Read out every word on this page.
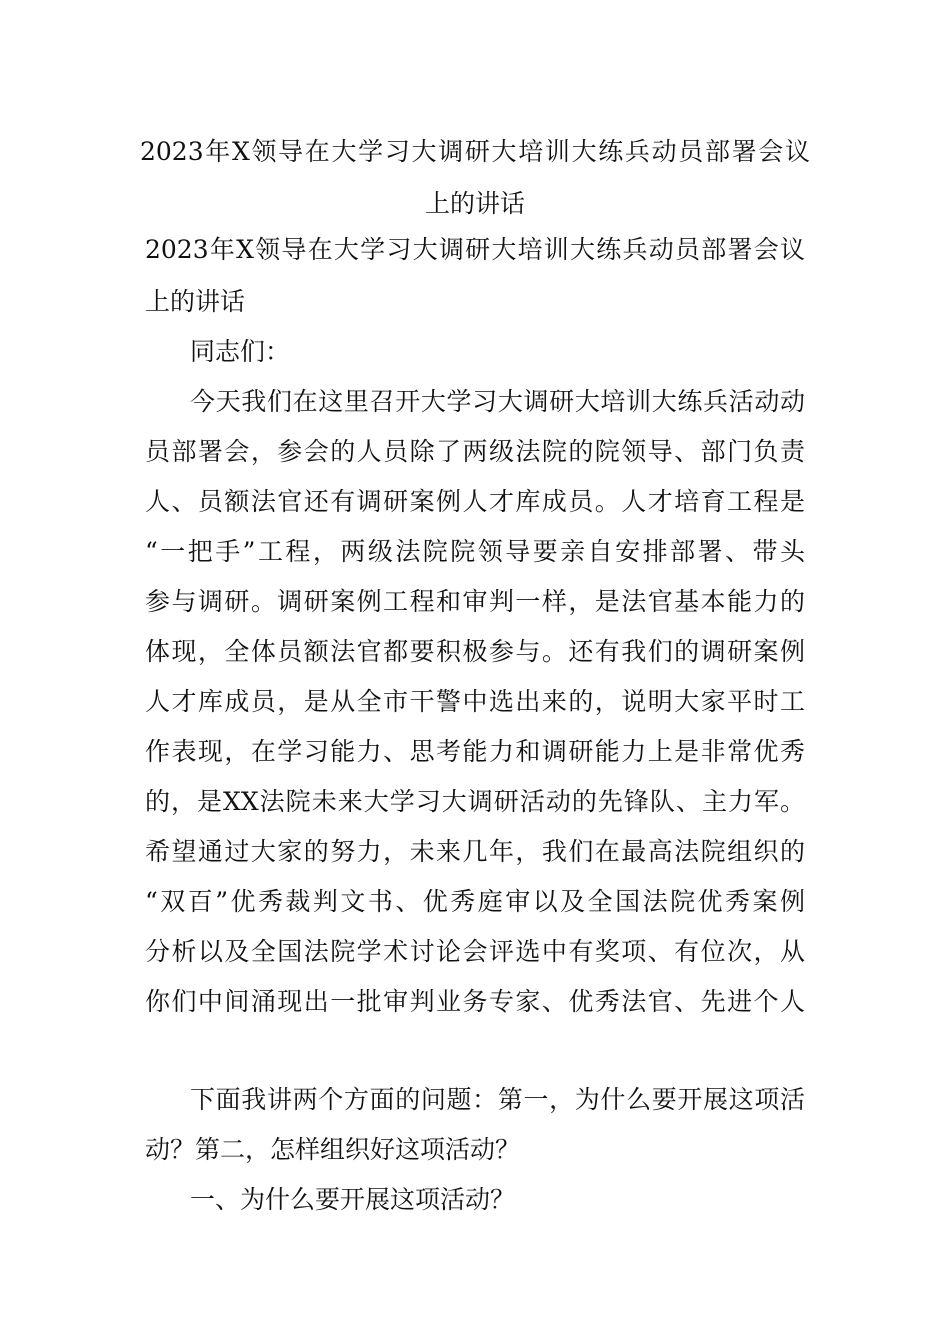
2023年X领导在大学习大调研大培训大练兵动员部署会议
上的讲话
2023年X领导在大学习大调研大培训大练兵动员部署会议
上的讲话
同志们：
今天我们在这里召开大学习大调研大培训大练兵活动动
员部署会，参会的人员除了两级法院的院领导、部门负责
人、员额法官还有调研案例人才库成员。人才培育工程是
“一把手”工程，两级法院院领导要亲自安排部署、带头
参与调研。调研案例工程和审判一样，是法官基本能力的
体现，全体员额法官都要积极参与。还有我们的调研案例
人才库成员，是从全市干警中选出来的，说明大家平时工
作表现，在学习能力、思考能力和调研能力上是非常优秀
的，是XX法院未来大学习大调研活动的先锋队、主力军。
希望通过大家的努力，未来几年，我们在最高法院组织的
“双百”优秀裁判文书、优秀庭审以及全国法院优秀案例
分析以及全国法院学术讨论会评选中有奖项、有位次，从
你们中间涌现出一批审判业务专家、优秀法官、先进个人
下面我讲两个方面的问题：第一，为什么要开展这项活
动？第二，怎样组织好这项活动？
一、为什么要开展这项活动？
